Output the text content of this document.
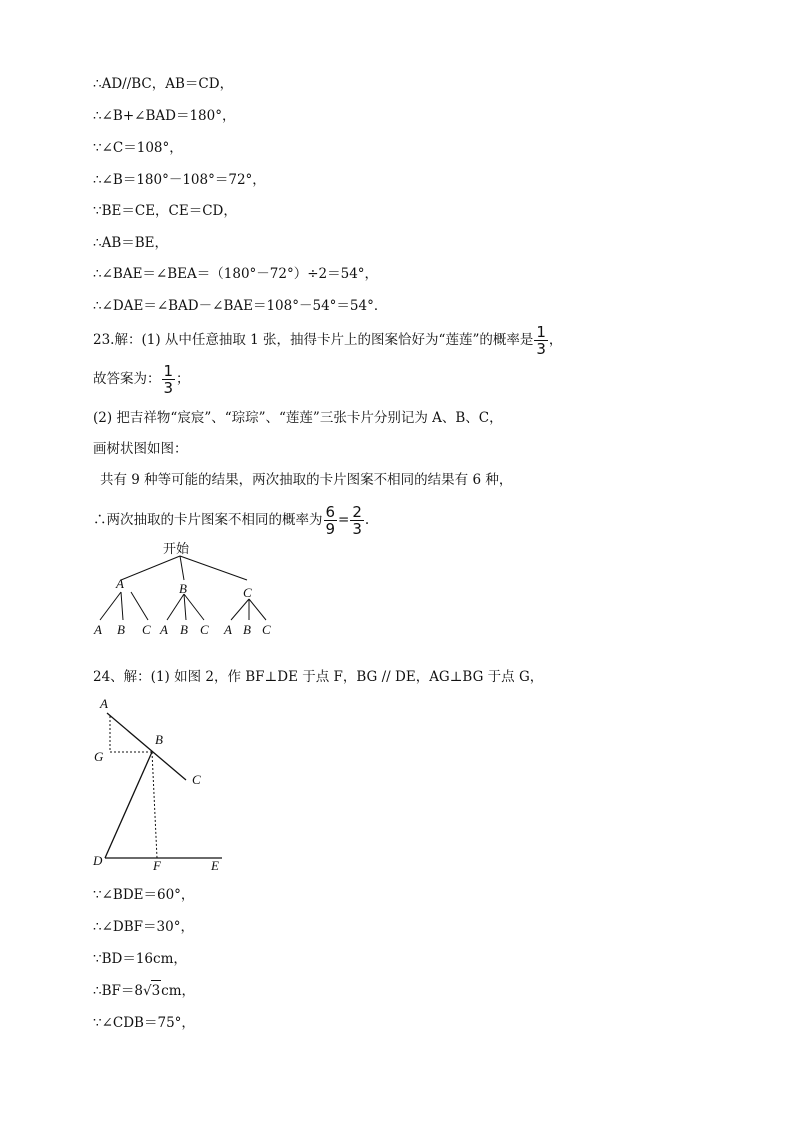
∴AD//BC，AB＝CD，
∴∠B+∠BAD＝180°，
∵∠C＝108°，
∴∠B＝180°－108°＝72°，
∵BE＝CE，CE＝CD，
∴AB＝BE，
∴∠BAE＝∠BEA＝（180°－72°）÷2＝54°，
∴∠DAE＝∠BAD－∠BAE＝108°－54°＝54°．
23.解：(1) 从中任意抽取 1 张，抽得卡片上的图案恰好为“莲莲”的概率是 $\frac{1}{3}$ ，
故答案为： $\frac{1}{3}$ ；
(2) 把吉祥物“宸宸”、“琮琮”、“莲莲”三张卡片分别记为 A、B、C，
画树状图如图：
共有 9 种等可能的结果，两次抽取的卡片图案不相同的结果有 6 种，
∴两次抽取的卡片图案不相同的概率为 $\frac{6}{9} = \frac{2}{3}$ .
开始
A	B	C
A B C A B C A B C
A
G
B
C
D	F	E
24、解：(1) 如图 2，作 BF⊥DE 于点 F，BG // DE，AG⊥BG 于点 G，
∵∠BDE＝60°，
∴∠DBF＝30°，
∵BD＝16cm，
∴BF＝8√3cm，
∵∠CDB＝75°，
